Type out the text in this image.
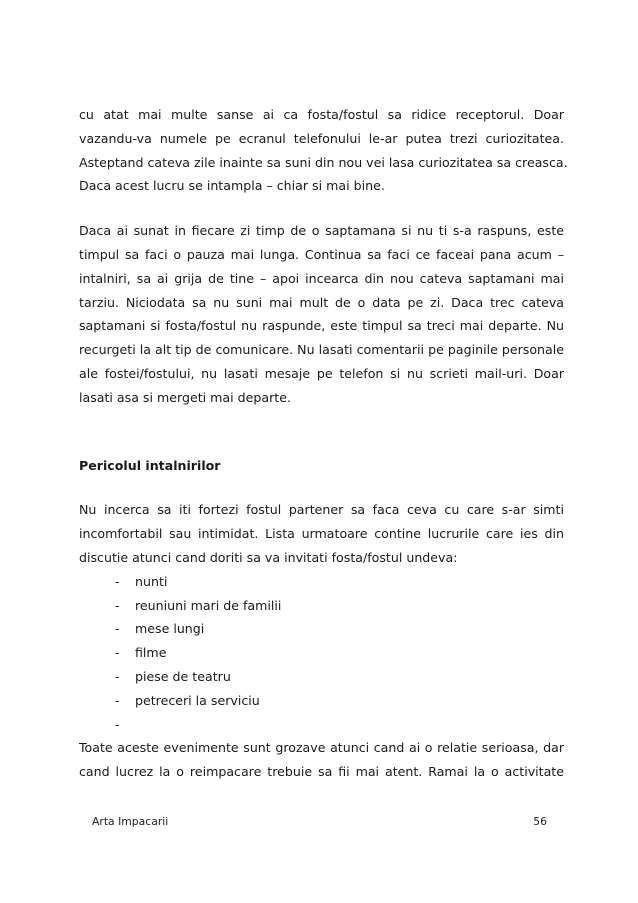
cu atat mai multe sanse ai ca fosta/fostul sa ridice receptorul. Doar

vazandu-va numele pe ecranul telefonului le-ar putea trezi curiozitatea.

Asteptand cateva zile inainte sa suni din nou vei lasa curiozitatea sa creasca.

Daca acest lucru se intampla – chiar si mai bine.

Daca ai sunat in fiecare zi timp de o saptamana si nu ti s-a raspuns, este

timpul sa faci o pauza mai lunga. Continua sa faci ce faceai pana acum –

intalniri, sa ai grija de tine – apoi incearca din nou cateva saptamani mai

tarziu. Niciodata sa nu suni mai mult de o data pe zi. Daca trec cateva

saptamani si fosta/fostul nu raspunde, este timpul sa treci mai departe. Nu

recurgeti la alt tip de comunicare. Nu lasati comentarii pe paginile personale

ale fostei/fostului, nu lasati mesaje pe telefon si nu scrieti mail-uri. Doar

lasati asa si mergeti mai departe.

Pericolul intalnirilor

Nu incerca sa iti fortezi fostul partener sa faca ceva cu care s-ar simti

incomfortabil sau intimidat. Lista urmatoare contine lucrurile care ies din

discutie atunci cand doriti sa va invitati fosta/fostul undeva:

- nunti
- reuniuni mari de familii
- mese lungi
- filme
- piese de teatru
- petreceri la serviciu
-

Toate aceste evenimente sunt grozave atunci cand ai o relatie serioasa, dar

cand lucrez la o reimpacare trebuie sa fii mai atent. Ramai la o activitate

Arta Impacarii	56
